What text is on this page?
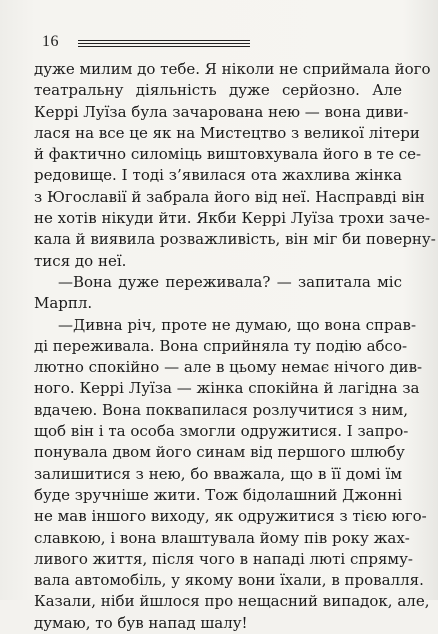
16
дуже милим до тебе. Я ніколи не сприймала його
театральну діяльність дуже серйозно. Але
Керрі Луїза була зачарована нею — вона диви-
лася на все це як на Мистецтво з великої літери
й фактично силоміць виштовхувала його в те се-
редовище. І тоді з’явилася ота жахлива жінка
з Югославії й забрала його від неї. Насправді він
не хотів нікуди йти. Якби Керрі Луїза трохи заче-
кала й виявила розважливість, він міг би поверну-
тися до неї.
—Вона дуже переживала? — запитала міс
Марпл.
—Дивна річ, проте не думаю, що вона справ-
ді переживала. Вона сприйняла ту подію абсо-
лютно спокійно — але в цьому немає нічого див-
ного. Керрі Луїза — жінка спокійна й лагідна за
вдачею. Вона поквапилася розлучитися з ним,
щоб він і та особа змогли одружитися. І запро-
понувала двом його синам від першого шлюбу
залишитися з нею, бо вважала, що в її домі їм
буде зручніше жити. Тож бідолашний Джонні
не мав іншого виходу, як одружитися з тією юго-
славкою, і вона влаштувала йому пів року жах-
ливого життя, після чого в нападі люті спряму-
вала автомобіль, у якому вони їхали, в провалля.
Казали, ніби йшлося про нещасний випадок, але,
думаю, то був напад шалу!
